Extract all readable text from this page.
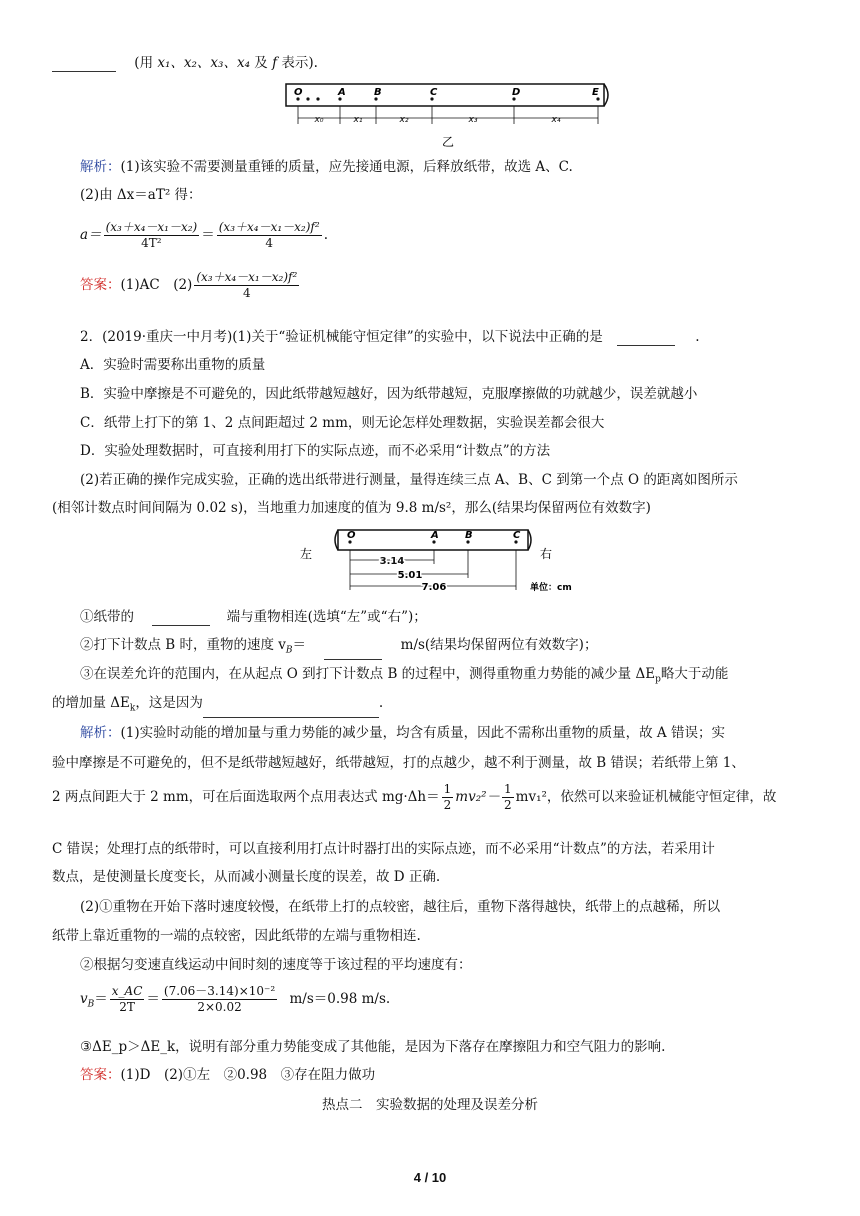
(用 x₁、x₂、x₃、x₄ 及 f 表示).
O	A	B	C	D	E
x₀	x₁	x₂	x₃	x₄
乙
解析：(1)该实验不需要测量重锤的质量，应先接通电源，后释放纸带，故选 A、C.
(2)由 Δx＝aT² 得：
$a= \frac{\text{(x₃＋x₄－x₁－x₂)}}{\text{4T²}} = \frac{\text{(x₃＋x₄－x₁－x₂)f²}}{4}$ .
答案：(1)AC　$(2) \frac{\text{(x₃＋x₄－x₁－x₂)f²}}{4}$
2．(2019·重庆一中月考)(1)关于“验证机械能守恒定律”的实验中，以下说法中正确的是	.
A．实验时需要称出重物的质量
B．实验中摩擦是不可避免的，因此纸带越短越好，因为纸带越短，克服摩擦做的功就越少，误差就越小
C．纸带上打下的第 1、2 点间距超过 2 mm，则无论怎样处理数据，实验误差都会很大
D．实验处理数据时，可直接利用打下的实际点迹，而不必采用“计数点”的方法
(2)若正确的操作完成实验，正确的选出纸带进行测量，量得连续三点 A、B、C 到第一个点 O 的距离如图所示
(相邻计数点时间间隔为 0.02 s)，当地重力加速度的值为 9.8 m/s²，那么(结果均保留两位有效数字)
左	右
O	A	B	C
3.14
5.01
7.06	单位：cm
①纸带的	端与重物相连(选填“左”或“右”)；
②打下计数点 B 时，重物的速度 $v_B=$	m/s(结果均保留两位有效数字)；
③在误差允许的范围内，在从起点 O 到打下计数点 B 的过程中，测得重物重力势能的减少量 $\Delta E_p$略大于动能
的增加量 $\Delta E_k$，这是因为	.
解析：(1)实验时动能的增加量与重力势能的减少量，均含有质量，因此不需称出重物的质量，故 A 错误；实
验中摩擦是不可避免的，但不是纸带越短越好，纸带越短，打的点越少，越不利于测量，故 B 错误；若纸带上第 1、
2 两点间距大于 2 mm，可在后面选取两个点用表达式 $mg\cdot\Delta h= \frac{1}{2} mv_2^2- \frac{1}{2} mv_1^2$，依然可以来验证机械能守恒定律，故
C 错误；处理打点的纸带时，可以直接利用打点计时器打出的实际点迹，而不必采用“计数点”的方法，若采用计
数点，是使测量长度变长，从而减小测量长度的误差，故 D 正确.
(2)①重物在开始下落时速度较慢，在纸带上打的点较密，越往后，重物下落得越快，纸带上的点越稀，所以
纸带上靠近重物的一端的点较密，因此纸带的左端与重物相连.
②根据匀变速直线运动中间时刻的速度等于该过程的平均速度有：
$v_B= \frac{x\_AC}{2T} = \frac{\text{(7.06－3.14)×10⁻²}}{2\times 0.02} m/s=0.98$ m/s.
③ΔE_p＞ΔE_k，说明有部分重力势能变成了其他能，是因为下落存在摩擦阻力和空气阻力的影响.
答案：(1)D　(2)①左　②0.98　③存在阻力做功
热点二　实验数据的处理及误差分析
4 / 10
